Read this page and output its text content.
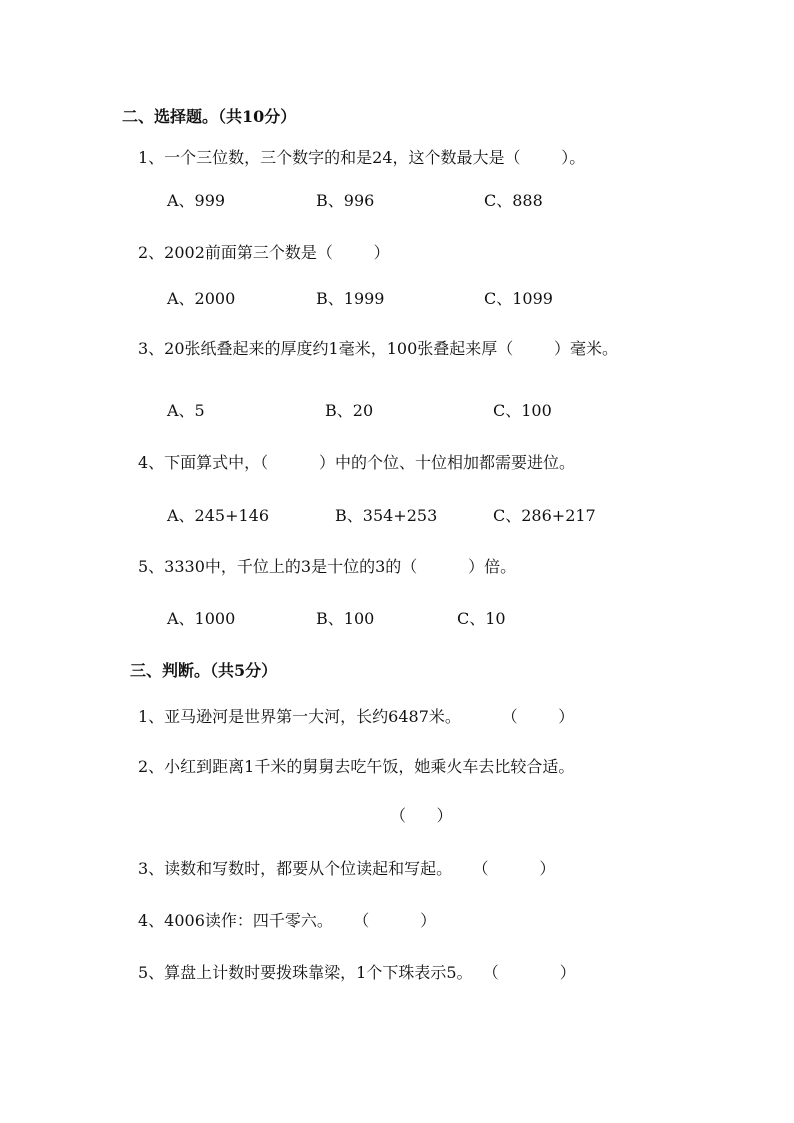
二、选择题。（共10分）
1、一个三位数，三个数字的和是24，这个数最大是（        ）。
A、999	B、996	C、888
2、2002前面第三个数是（        ）
A、2000	B、1999	C、1099
3、20张纸叠起来的厚度约1毫米，100张叠起来厚（        ）毫米。
A、5	B、20	C、100
4、下面算式中，（          ）中的个位、十位相加都需要进位。
A、245+146	B、354+253	C、286+217
5、3330中，千位上的3是十位的3的（          ）倍。
A、1000	B、100	C、10
三、判断。（共5分）
1、亚马逊河是世界第一大河，长约6487米。        （        ）
2、小红到距离1千米的舅舅去吃午饭，她乘火车去比较合适。
（      ）
3、读数和写数时，都要从个位读起和写起。    （          ）
4、4006读作：四千零六。    （          ）
5、算盘上计数时要拨珠靠梁，1个下珠表示5。  （            ）
